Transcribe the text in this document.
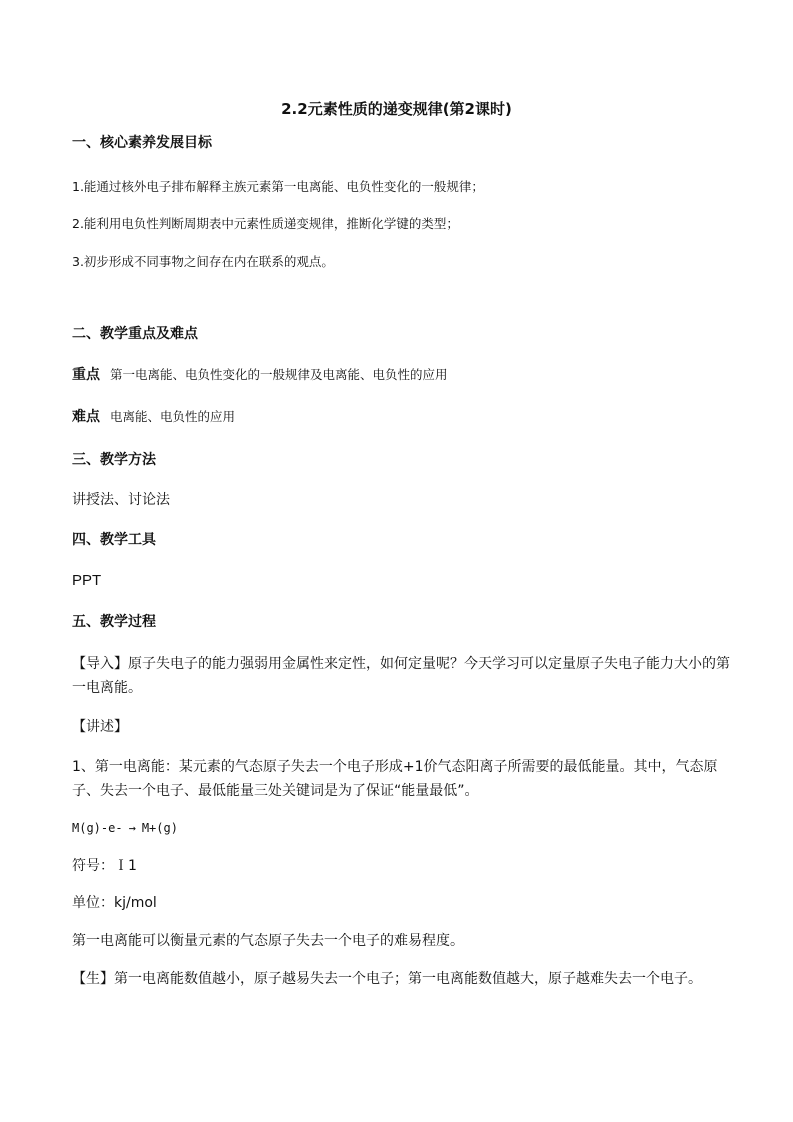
2.2元素性质的递变规律(第2课时)
一、核心素养发展目标
1.能通过核外电子排布解释主族元素第一电离能、电负性变化的一般规律；
2.能利用电负性判断周期表中元素性质递变规律，推断化学键的类型；
3.初步形成不同事物之间存在内在联系的观点。
二、教学重点及难点
重点 第一电离能、电负性变化的一般规律及电离能、电负性的应用
难点 电离能、电负性的应用
三、教学方法
讲授法、讨论法
四、教学工具
PPT
五、教学过程
【导入】原子失电子的能力强弱用金属性来定性，如何定量呢？今天学习可以定量原子失电子能力大小的第一电离能。
【讲述】
1、第一电离能：某元素的气态原子失去一个电子形成+1价气态阳离子所需要的最低能量。其中，气态原子、失去一个电子、最低能量三处关键词是为了保证“能量最低”。
M(g)-e- → M+(g)
符号：Ｉ1
单位：kj/mol
第一电离能可以衡量元素的气态原子失去一个电子的难易程度。
【生】第一电离能数值越小，原子越易失去一个电子；第一电离能数值越大，原子越难失去一个电子。
